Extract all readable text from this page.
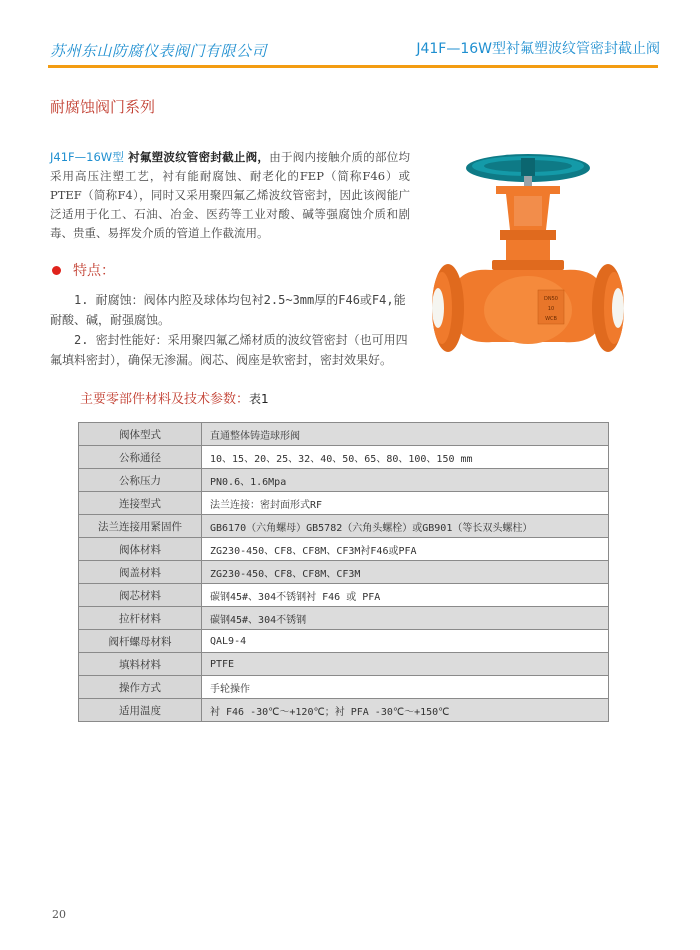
苏州东山防腐仪表阀门有限公司	J41F—16W型衬氟塑波纹管密封截止阀
耐腐蚀阀门系列
J41F—16W型 衬氟塑波纹管密封截止阀，由于阀内接触介质的部位均采用高压注塑工艺，衬有能耐腐蚀、耐老化的FEP（简称F46）或PTEF（简称F4），同时又采用聚四氟乙烯波纹管密封，因此该阀能广泛适用于化工、石油、冶金、医药等工业对酸、碱等强腐蚀介质和剧毒、贵重、易挥发介质的管道上作截流用。
特点：

1. 耐腐蚀：阀体内腔及球体均包衬2.5~3mm厚的F46或F4,能耐酸、碱，耐强腐蚀。

2. 密封性能好：采用聚四氟乙烯材质的波纹管密封（也可用四氟填料密封），确保无渗漏。阀芯、阀座是软密封，密封效果好。

DN50
10
WCB
主要零部件材料及技术参数：表1
阀体型式	直通整体铸造球形阀
公称通径	10、15、20、25、32、40、50、65、80、100、150 mm
公称压力	PN0.6、1.6Mpa
连接型式	法兰连接：密封面形式RF
法兰连接用紧固件	GB6170（六角螺母）GB5782（六角头螺栓）或GB901（等长双头螺柱）
阀体材料	ZG230-450、CF8、CF8M、CF3M衬F46或PFA
阀盖材料	ZG230-450、CF8、CF8M、CF3M
阀芯材料	碳钢45#、304不锈钢衬 F46 或 PFA
拉杆材料	碳钢45#、304不锈钢
阀杆螺母材料	QAL9-4
填料材料	PTFE
操作方式	手轮操作
适用温度	衬 F46 -30℃～+120℃；衬 PFA -30℃～+150℃
20
